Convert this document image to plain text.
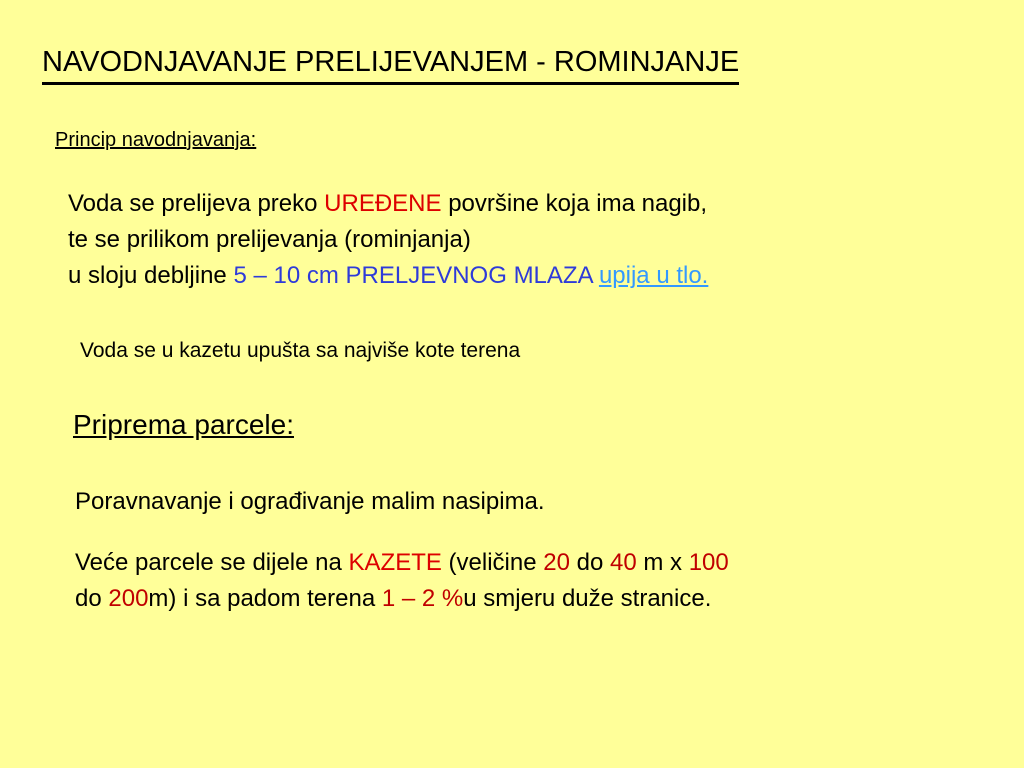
NAVODNJAVANJE PRELIJEVANJEM - ROMINJANJE
Princip navodnjavanja:
Voda se prelijeva preko UREĐENE površine koja ima nagib,
te se prilikom prelijevanja (rominjanja)
u sloju debljine 5 – 10 cm PRELJEVNOG MLAZA upija u tlo.
Voda se u kazetu upušta sa najviše kote terena
Priprema parcele:
Poravnavanje i ograđivanje malim nasipima.
Veće parcele se dijele na KAZETE (veličine 20 do 40 m x 100
do 200m) i sa padom terena 1 – 2 %u smjeru duže stranice.
